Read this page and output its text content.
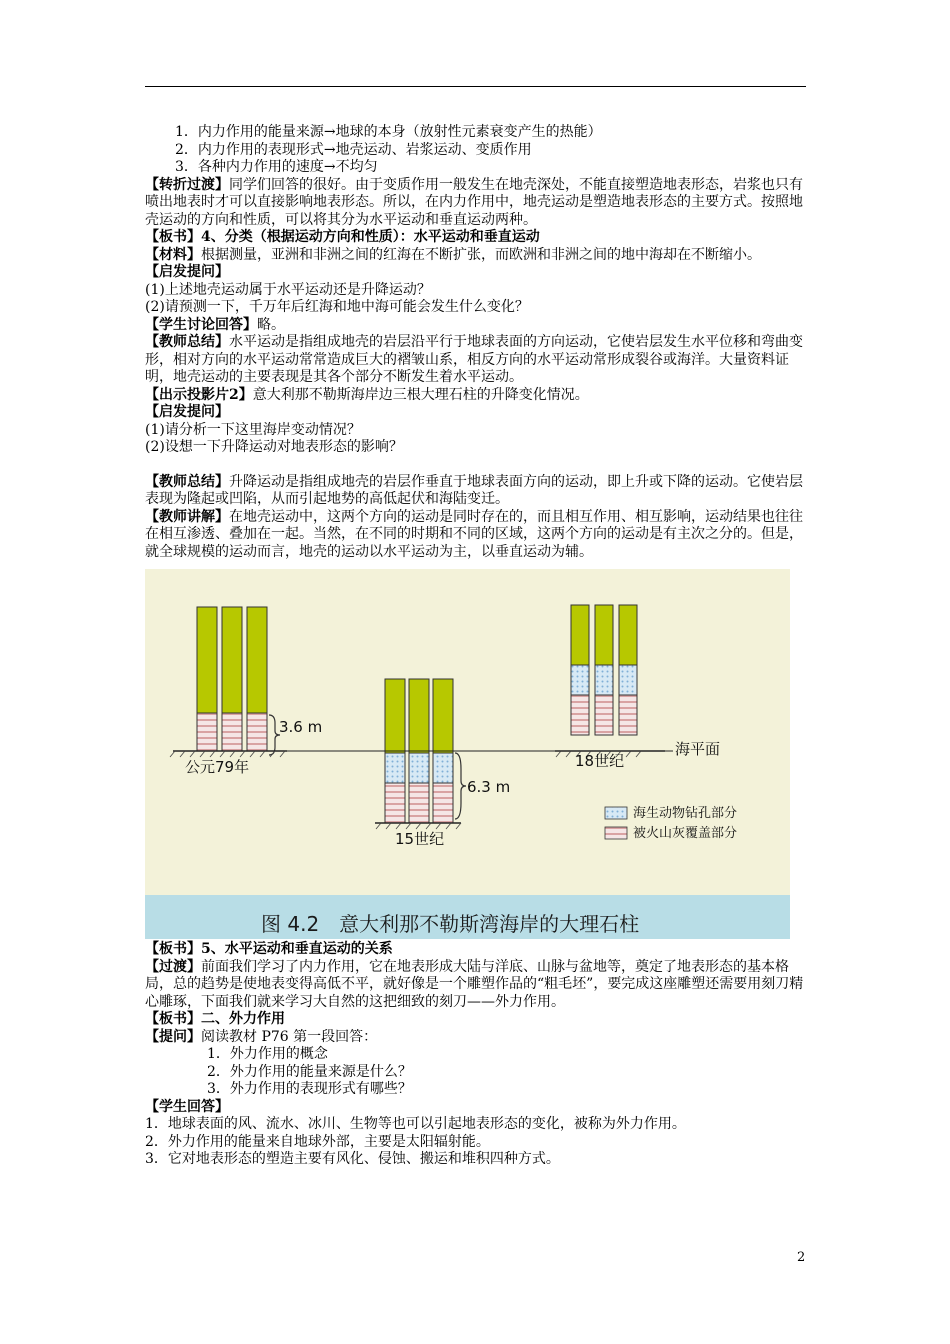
1．内力作用的能量来源→地球的本身（放射性元素衰变产生的热能）
2．内力作用的表现形式→地壳运动、岩浆运动、变质作用
3．各种内力作用的速度→不均匀
【转折过渡】同学们回答的很好。由于变质作用一般发生在地壳深处，不能直接塑造地表形态，岩浆也只有喷出地表时才可以直接影响地表形态。所以，在内力作用中，地壳运动是塑造地表形态的主要方式。按照地壳运动的方向和性质，可以将其分为水平运动和垂直运动两种。
【板书】4、分类（根据运动方向和性质）：水平运动和垂直运动
【材料】根据测量，亚洲和非洲之间的红海在不断扩张，而欧洲和非洲之间的地中海却在不断缩小。
【启发提问】
(1)上述地壳运动属于水平运动还是升降运动？
(2)请预测一下，千万年后红海和地中海可能会发生什么变化？
【学生讨论回答】略。
【教师总结】水平运动是指组成地壳的岩层沿平行于地球表面的方向运动，它使岩层发生水平位移和弯曲变形，相对方向的水平运动常常造成巨大的褶皱山系，相反方向的水平运动常形成裂谷或海洋。大量资料证明，地壳运动的主要表现是其各个部分不断发生着水平运动。
【出示投影片2】意大利那不勒斯海岸边三根大理石柱的升降变化情况。
【启发提问】
(1)请分析一下这里海岸变动情况？
(2)设想一下升降运动对地表形态的影响？
【教师总结】升降运动是指组成地壳的岩层作垂直于地球表面方向的运动，即上升或下降的运动。它使岩层表现为隆起或凹陷，从而引起地势的高低起伏和海陆变迁。
【教师讲解】在地壳运动中，这两个方向的运动是同时存在的，而且相互作用、相互影响，运动结果也往往在相互渗透、叠加在一起。当然，在不同的时期和不同的区域，这两个方向的运动是有主次之分的。但是，就全球规模的运动而言，地壳的运动以水平运动为主，以垂直运动为辅。
3.6 m
公元79年
6.3 m
15世纪
18世纪
海平面
海生动物钻孔部分
被火山灰覆盖部分
图 4.2　意大利那不勒斯湾海岸的大理石柱
【板书】5、水平运动和垂直运动的关系
【过渡】前面我们学习了内力作用，它在地表形成大陆与洋底、山脉与盆地等，奠定了地表形态的基本格局，总的趋势是使地表变得高低不平，就好像是一个雕塑作品的“粗毛坯”，要完成这座雕塑还需要用刻刀精心雕琢，下面我们就来学习大自然的这把细致的刻刀——外力作用。
【板书】二、外力作用
【提问】阅读教材 P76 第一段回答：
1．外力作用的概念
2．外力作用的能量来源是什么？
3．外力作用的表现形式有哪些？
【学生回答】
1．地球表面的风、流水、冰川、生物等也可以引起地表形态的变化，被称为外力作用。
2．外力作用的能量来自地球外部，主要是太阳辐射能。
3．它对地表形态的塑造主要有风化、侵蚀、搬运和堆积四种方式。
2
